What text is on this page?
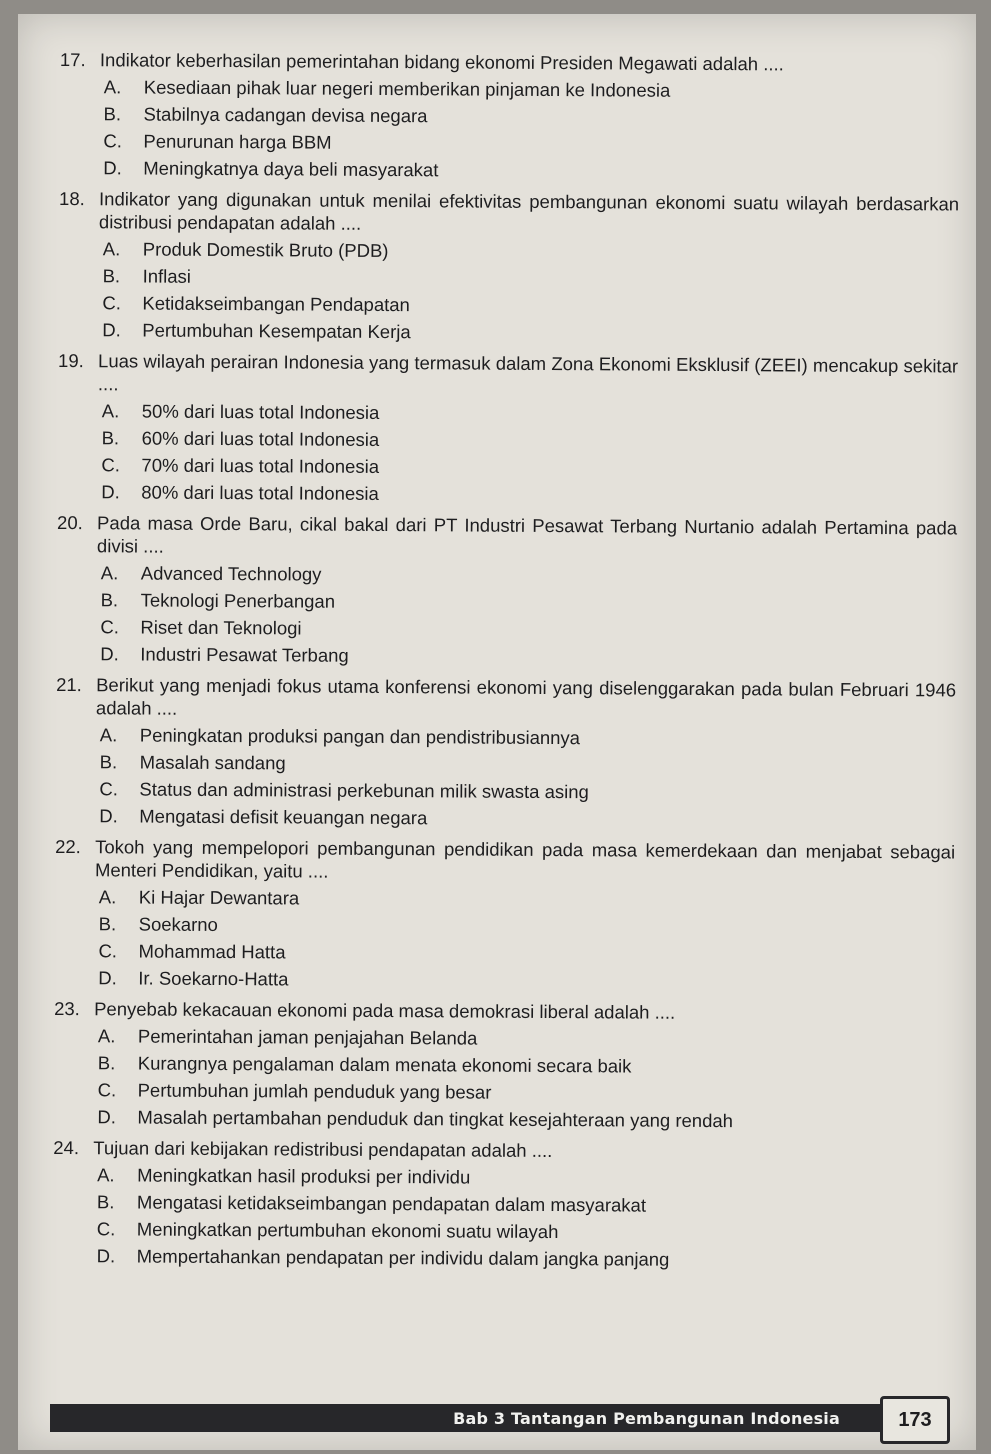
17. Indikator keberhasilan pemerintahan bidang ekonomi Presiden Megawati adalah ....
A.	Kesediaan pihak luar negeri memberikan pinjaman ke Indonesia
B.	Stabilnya cadangan devisa negara
C.	Penurunan harga BBM
D.	Meningkatnya daya beli masyarakat
18. Indikator yang digunakan untuk menilai efektivitas pembangunan ekonomi suatu wilayah berdasarkan distribusi pendapatan adalah ....
A.	Produk Domestik Bruto (PDB)
B.	Inflasi
C.	Ketidakseimbangan Pendapatan
D.	Pertumbuhan Kesempatan Kerja
19. Luas wilayah perairan Indonesia yang termasuk dalam Zona Ekonomi Eksklusif (ZEEI) mencakup sekitar ....
A.	50% dari luas total Indonesia
B.	60% dari luas total Indonesia
C.	70% dari luas total Indonesia
D.	80% dari luas total Indonesia
20. Pada masa Orde Baru, cikal bakal dari PT Industri Pesawat Terbang Nurtanio adalah Pertamina pada divisi ....
A.	Advanced Technology
B.	Teknologi Penerbangan
C.	Riset dan Teknologi
D.	Industri Pesawat Terbang
21. Berikut yang menjadi fokus utama konferensi ekonomi yang diselenggarakan pada bulan Februari 1946 adalah ....
A.	Peningkatan produksi pangan dan pendistribusiannya
B.	Masalah sandang
C.	Status dan administrasi perkebunan milik swasta asing
D.	Mengatasi defisit keuangan negara
22. Tokoh yang mempelopori pembangunan pendidikan pada masa kemerdekaan dan menjabat sebagai Menteri Pendidikan, yaitu ....
A.	Ki Hajar Dewantara
B.	Soekarno
C.	Mohammad Hatta
D.	Ir. Soekarno-Hatta
23. Penyebab kekacauan ekonomi pada masa demokrasi liberal adalah ....
A.	Pemerintahan jaman penjajahan Belanda
B.	Kurangnya pengalaman dalam menata ekonomi secara baik
C.	Pertumbuhan jumlah penduduk yang besar
D.	Masalah pertambahan penduduk dan tingkat kesejahteraan yang rendah
24. Tujuan dari kebijakan redistribusi pendapatan adalah ....
A.	Meningkatkan hasil produksi per individu
B.	Mengatasi ketidakseimbangan pendapatan dalam masyarakat
C.	Meningkatkan pertumbuhan ekonomi suatu wilayah
D.	Mempertahankan pendapatan per individu dalam jangka panjang
Bab 3 Tantangan Pembangunan Indonesia	173
